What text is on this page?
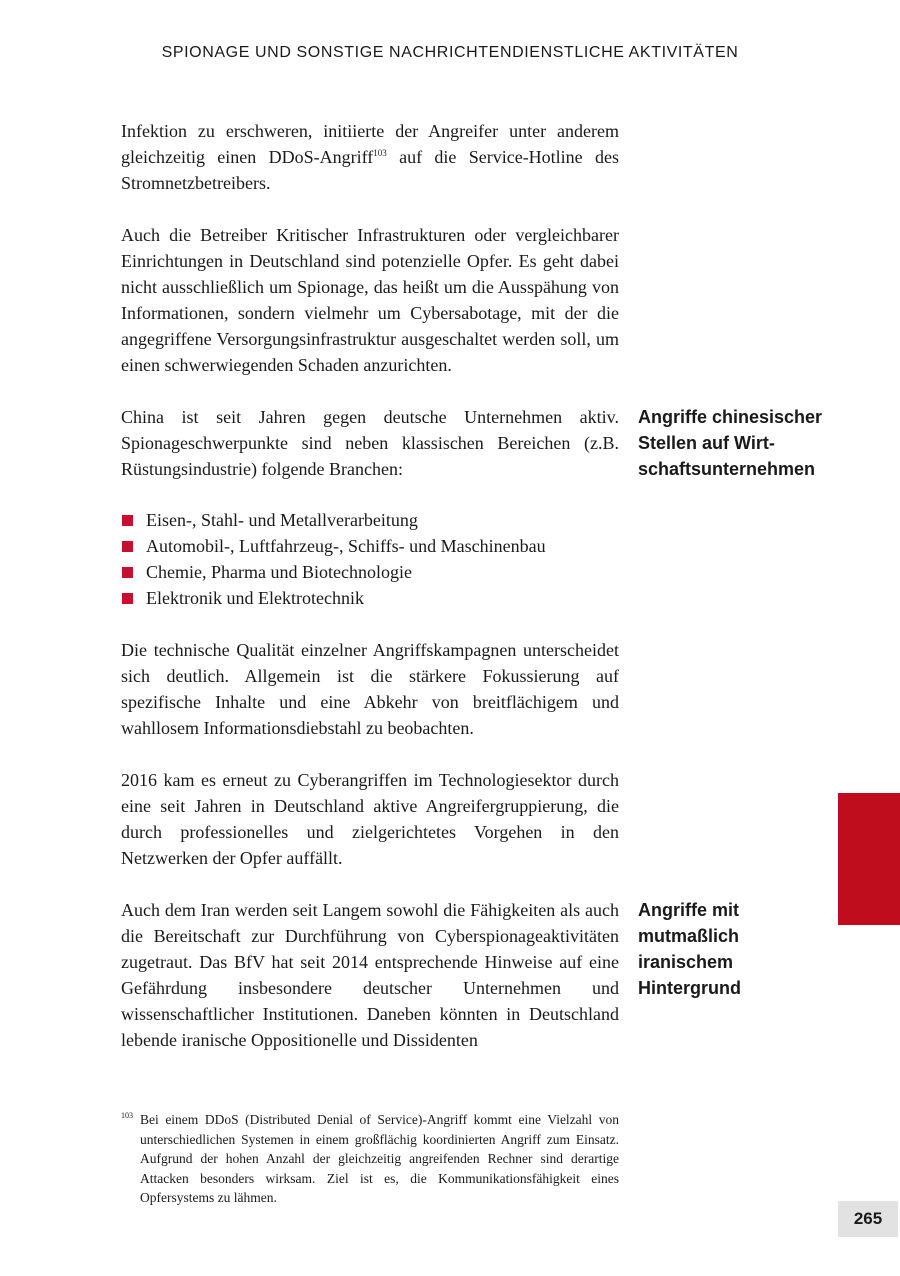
SPIONAGE UND SONSTIGE NACHRICHTENDIENSTLICHE AKTIVITÄTEN

Infektion zu erschweren, initiierte der Angreifer unter anderem gleichzeitig einen DDoS-Angriff$^{103}$ auf die Service-Hotline des Stromnetzbetreibers.

Auch die Betreiber Kritischer Infrastrukturen oder vergleichbarer Einrichtungen in Deutschland sind potenzielle Opfer. Es geht dabei nicht ausschließlich um Spionage, das heißt um die Ausspähung von Informationen, sondern vielmehr um Cybersabotage, mit der die angegriffene Versorgungsinfrastruktur ausgeschaltet werden soll, um einen schwerwiegenden Schaden anzurichten.

China ist seit Jahren gegen deutsche Unternehmen aktiv. Spionageschwerpunkte sind neben klassischen Bereichen (z.B. Rüstungsindustrie) folgende Branchen:

Angriffe chinesischer Stellen auf Wirtschaftsunternehmen
Eisen-, Stahl- und Metallverarbeitung
Automobil-, Luftfahrzeug-, Schiffs- und Maschinenbau
Chemie, Pharma und Biotechnologie
Elektronik und Elektrotechnik

Die technische Qualität einzelner Angriffskampagnen unterscheidet sich deutlich. Allgemein ist die stärkere Fokussierung auf spezifische Inhalte und eine Abkehr von breitflächigem und wahllosem Informationsdiebstahl zu beobachten.

2016 kam es erneut zu Cyberangriffen im Technologiesektor durch eine seit Jahren in Deutschland aktive Angreifergruppierung, die durch professionelles und zielgerichtetes Vorgehen in den Netzwerken der Opfer auffällt.

Auch dem Iran werden seit Langem sowohl die Fähigkeiten als auch die Bereitschaft zur Durchführung von Cyberspionageaktivitäten zugetraut. Das BfV hat seit 2014 entsprechende Hinweise auf eine Gefährdung insbesondere deutscher Unternehmen und wissenschaftlicher Institutionen. Daneben könnten in Deutschland lebende iranische Oppositionelle und Dissidenten

Angriffe mit mutmaßlich iranischem Hintergrund
103 Bei einem DDoS (Distributed Denial of Service)-Angriff kommt eine Vielzahl von unterschiedlichen Systemen in einem großflächig koordinierten Angriff zum Einsatz. Aufgrund der hohen Anzahl der gleichzeitig angreifenden Rechner sind derartige Attacken besonders wirksam. Ziel ist es, die Kommunikationsfähigkeit eines Opfersystems zu lähmen.
265
